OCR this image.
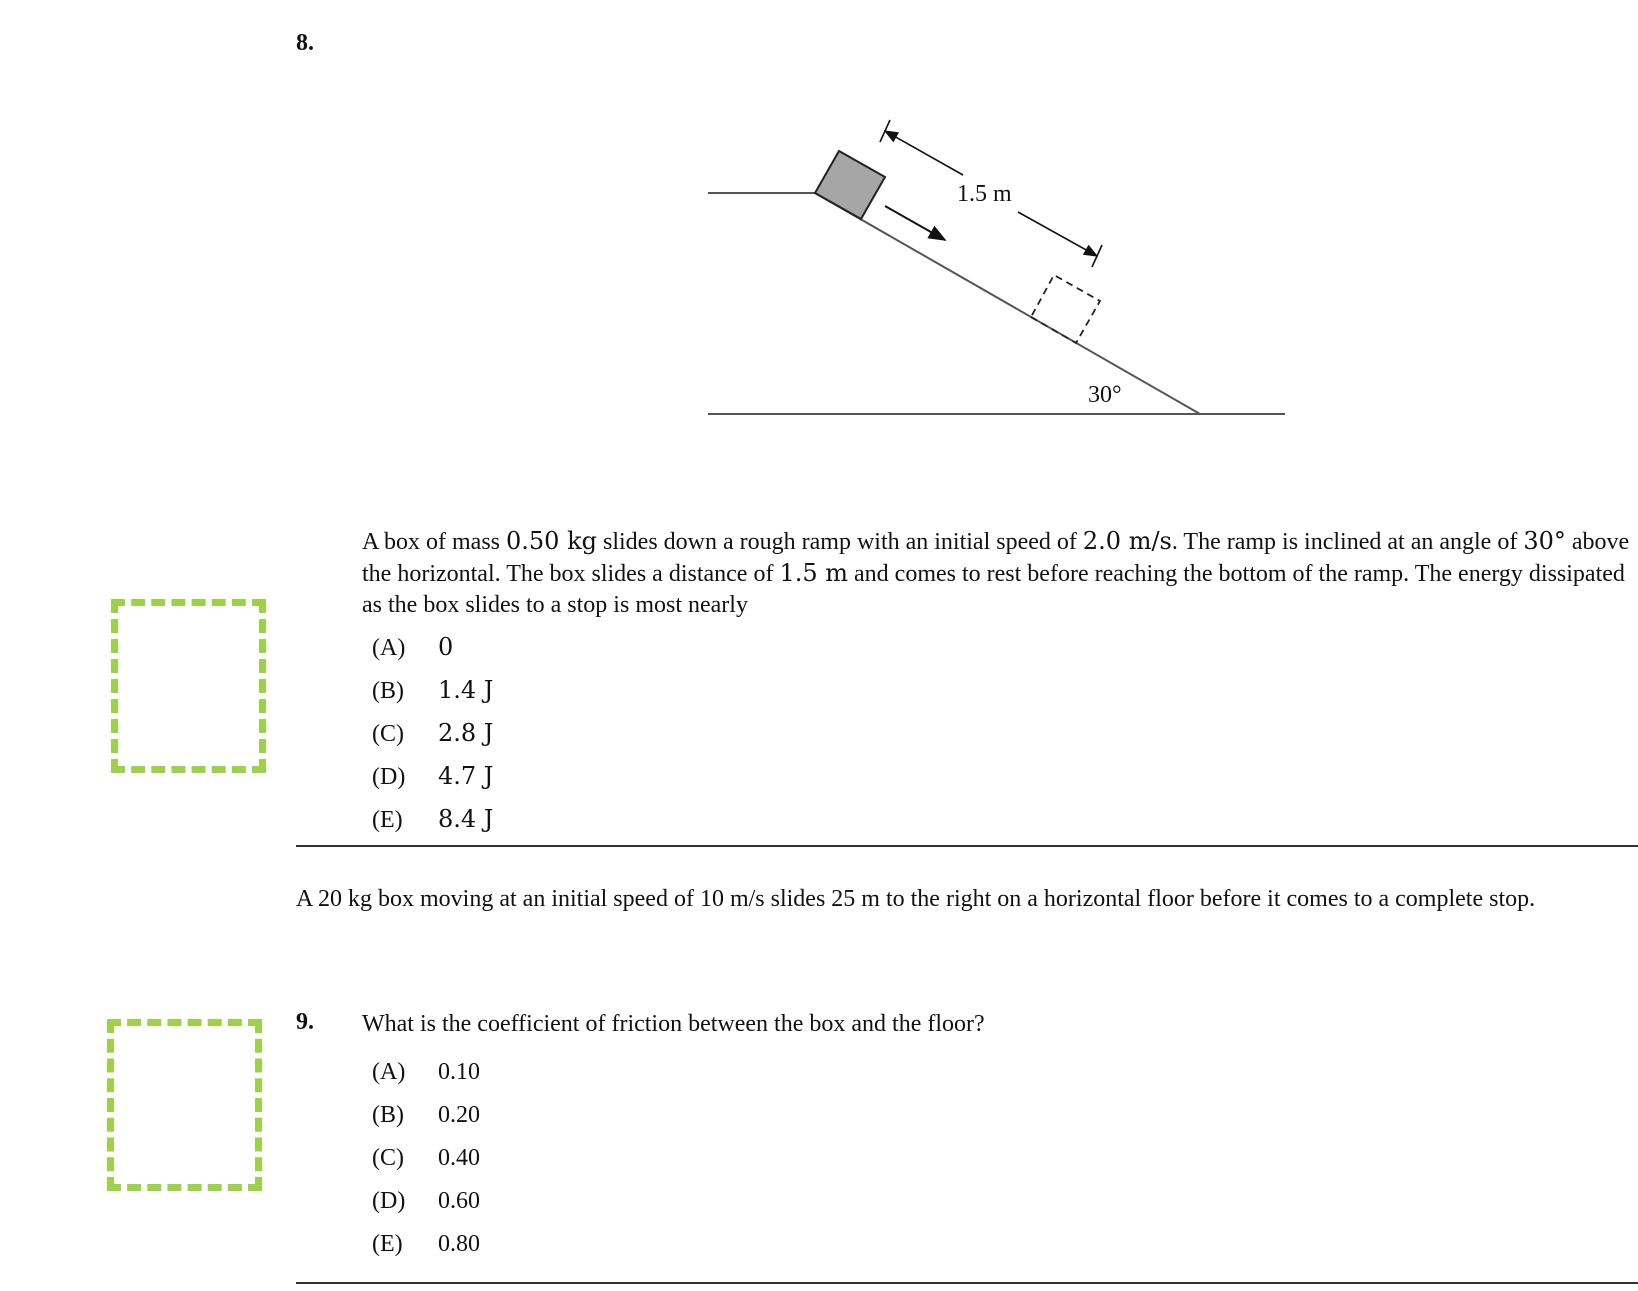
8.
1.5 m
30°
A box of mass 0.50 kg slides down a rough ramp with an initial speed of 2.0 m/s. The ramp is inclined at an angle of 30° above the horizontal. The box slides a distance of 1.5 m and comes to rest before reaching the bottom of the ramp. The energy dissipated as the box slides to a stop is most nearly
(A) 0
(B) 1.4 J
(C) 2.8 J
(D) 4.7 J
(E) 8.4 J
A 20 kg box moving at an initial speed of 10 m/s slides 25 m to the right on a horizontal floor before it comes to a complete stop.
9. What is the coefficient of friction between the box and the floor?
(A) 0.10
(B) 0.20
(C) 0.40
(D) 0.60
(E) 0.80
